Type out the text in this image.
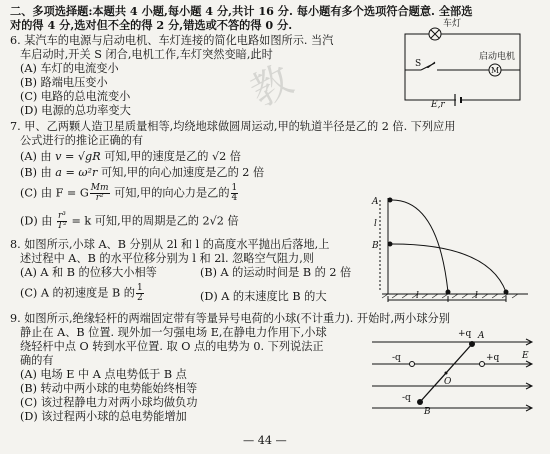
教
二、多项选择题:本题共 4 小题,每小题 4 分,共计 16 分. 每小题有多个选项符合题意. 全部选
对的得 4 分,选对但不全的得 2 分,错选或不答的得 0 分.
6. 某汽车的电源与启动电机、车灯连接的简化电路如图所示. 当汽
车启动时,开关 S 闭合,电机工作,车灯突然变暗,此时
(A) 车灯的电流变小
(B) 路端电压变小
(C) 电路的总电流变小
(D) 电源的总功率变大
车灯
启动电机
S
M
E,r
7. 甲、乙两颗人造卫星质量相等,均绕地球做圆周运动,甲的轨道半径是乙的 2 倍. 下列应用
公式进行的推论正确的有
(A) 由 v = √gR 可知,甲的速度是乙的 √2 倍
(B) 由 a = ω²r 可知,甲的向心加速度是乙的 2 倍
(C) 由 F = G $\frac{Mm}{\text{r²}}$ 可知,甲的向心力是乙的 $\frac{1}{4}$
(D) 由 $\frac{\text{r³}}{\text{T²}} = k$ 可知,甲的周期是乙的 2√2 倍
A
B
l
l	l
8. 如图所示,小球 A、B 分别从 2l 和 l 的高度水平抛出后落地,上
述过程中 A、B 的水平位移分别为 l 和 2l. 忽略空气阻力,则
(A) A 和 B 的位移大小相等	(B) A 的运动时间是 B 的 2 倍
(C) A 的初速度是 B 的 $\frac{1}{2}$	(D) A 的末速度比 B 的大
9. 如图所示,绝缘轻杆的两端固定带有等量异号电荷的小球(不计重力). 开始时,两小球分别
静止在 A、B 位置. 现外加一匀强电场 E,在静电力作用下,小球
绕轻杆中点 O 转到水平位置. 取 O 点的电势为 0. 下列说法正
确的有
(A) 电场 E 中 A 点电势低于 B 点
(B) 转动中两小球的电势能始终相等
(C) 该过程静电力对两小球均做负功
(D) 该过程两小球的总电势能增加
+q A
-q	+q
O
E
-q
B
— 44 —
